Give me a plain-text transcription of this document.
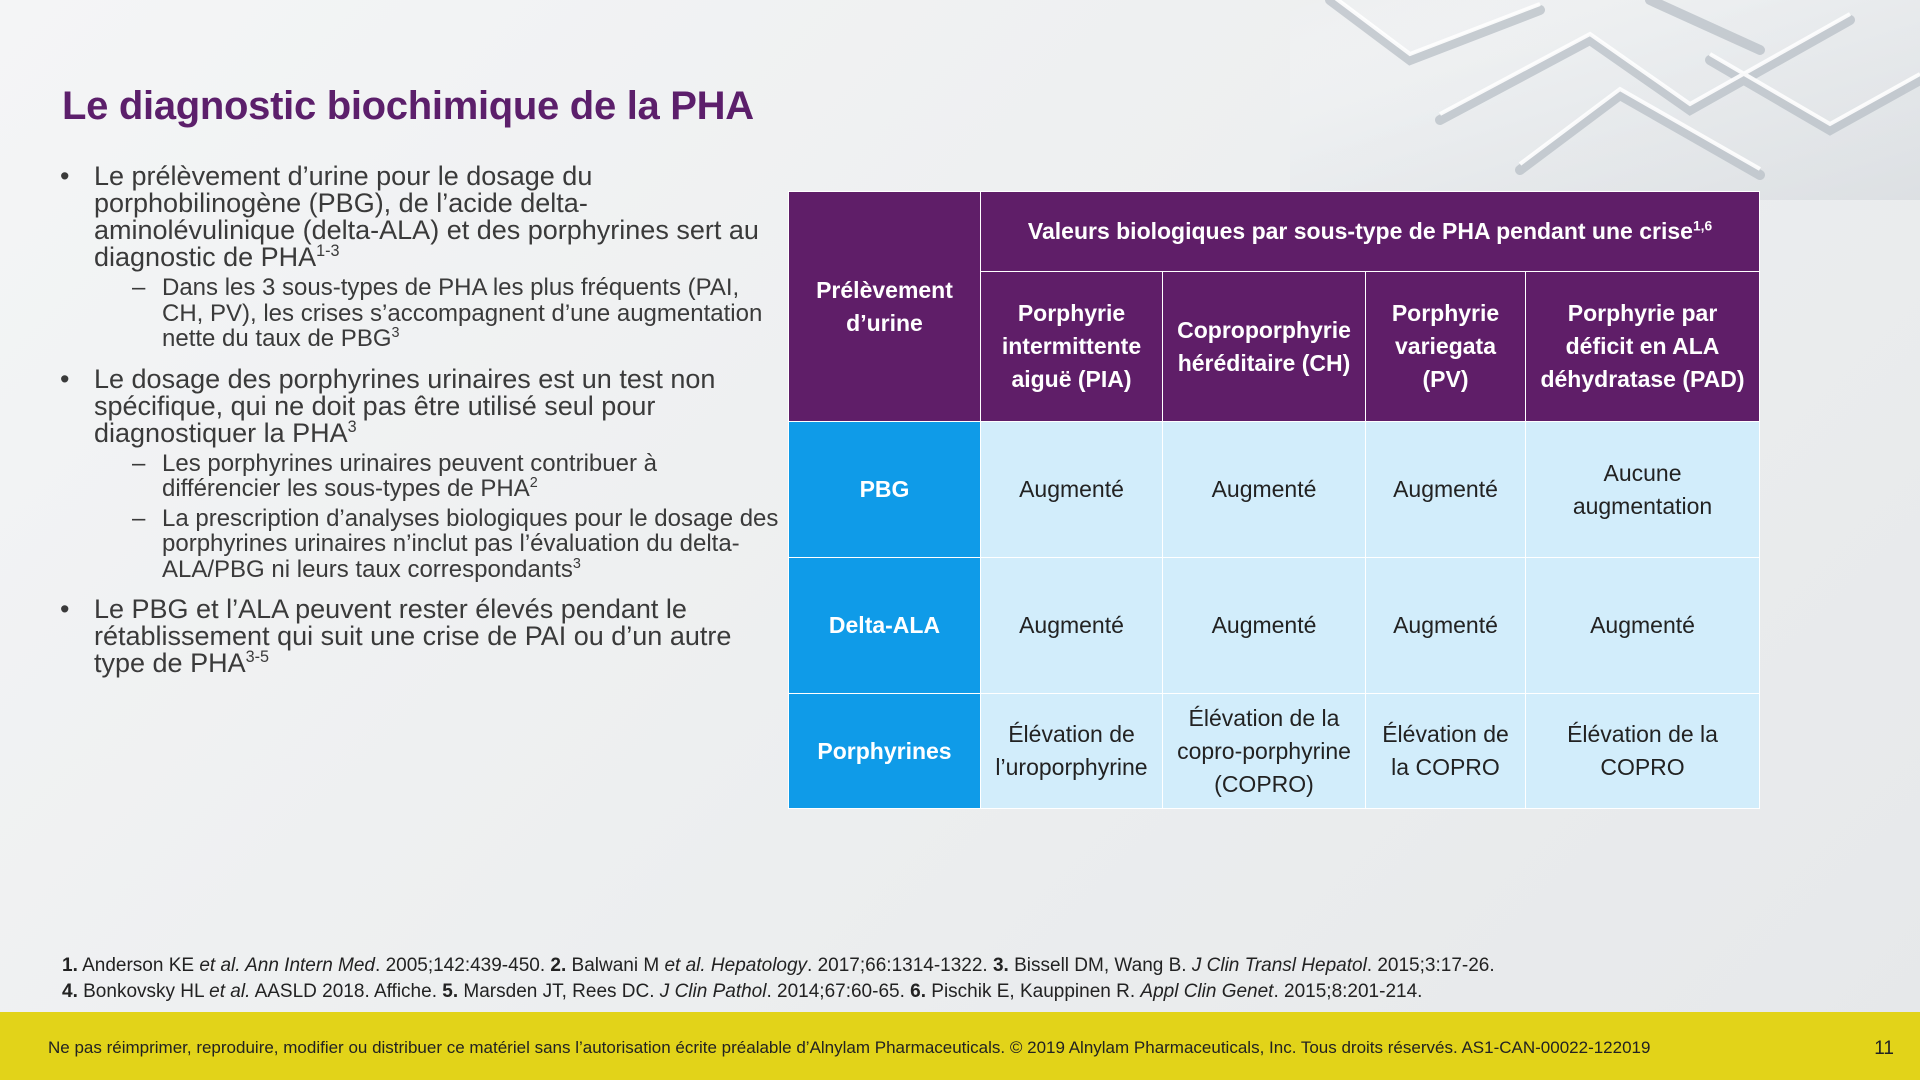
Le diagnostic biochimique de la PHA
• Le prélèvement d’urine pour le dosage du porphobilinogène (PBG), de l’acide delta-aminolévulinique (delta-ALA) et des porphyrines sert au diagnostic de PHA$^{1-3}$
– Dans les 3 sous-types de PHA les plus fréquents (PAI, CH, PV), les crises s’accompagnent d’une augmentation nette du taux de PBG$^3$
• Le dosage des porphyrines urinaires est un test non spécifique, qui ne doit pas être utilisé seul pour diagnostiquer la PHA$^3$
– Les porphyrines urinaires peuvent contribuer à différencier les sous-types de PHA$^2$
– La prescription d’analyses biologiques pour le dosage des porphyrines urinaires n’inclut pas l’évaluation du delta-ALA/PBG ni leurs taux correspondants$^3$
• Le PBG et l’ALA peuvent rester élevés pendant le rétablissement qui suit une crise de PAI ou d’un autre type de PHA$^{3-5}$
Prélèvement d’urine	Valeurs biologiques par sous-type de PHA pendant une crise$^{1,6}$
	Porphyrie intermittente aiguë (PIA)	Coproporphyrie héréditaire (CH)	Porphyrie variegata (PV)	Porphyrie par déficit en ALA déhydratase (PAD)
PBG	Augmenté	Augmenté	Augmenté	Aucune augmentation
Delta-ALA	Augmenté	Augmenté	Augmenté	Augmenté
Porphyrines	Élévation de l’uroporphyrine	Élévation de la copro-porphyrine (COPRO)	Élévation de la COPRO	Élévation de la COPRO
1. Anderson KE et al. Ann Intern Med. 2005;142:439-450. 2. Balwani M et al. Hepatology. 2017;66:1314-1322. 3. Bissell DM, Wang B. J Clin Transl Hepatol. 2015;3:17-26.
4. Bonkovsky HL et al. AASLD 2018. Affiche. 5. Marsden JT, Rees DC. J Clin Pathol. 2014;67:60-65. 6. Pischik E, Kauppinen R. Appl Clin Genet. 2015;8:201-214.
Ne pas réimprimer, reproduire, modifier ou distribuer ce matériel sans l’autorisation écrite préalable d’Alnylam Pharmaceuticals. © 2019 Alnylam Pharmaceuticals, Inc. Tous droits réservés. AS1-CAN-00022-122019	11
